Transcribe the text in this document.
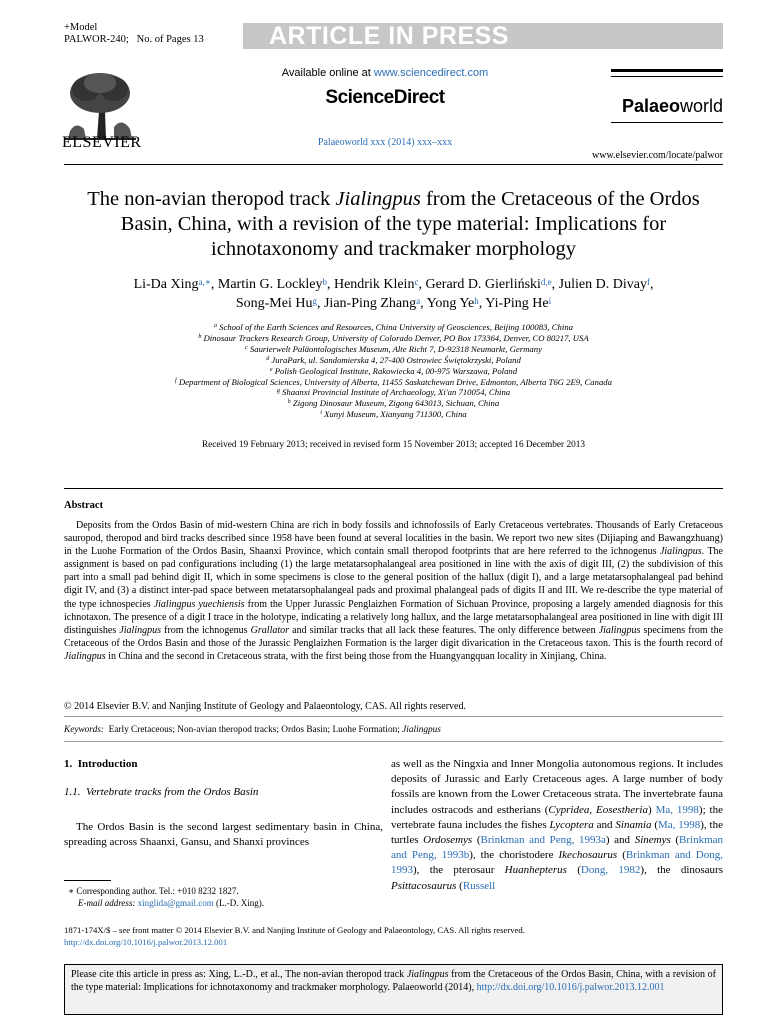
+Model
PALWOR-240; No. of Pages 13	ARTICLE IN PRESS
ELSEVIER
Available online at www.sciencedirect.com
ScienceDirect
Palaeoworld xxx (2014) xxx–xxx
Palaeoworld
www.elsevier.com/locate/palwor
The non-avian theropod track Jialingpus from the Cretaceous of the Ordos Basin, China, with a revision of the type material: Implications for ichnotaxonomy and trackmaker morphology
Li-Da Xing$^{a,∗}$, Martin G. Lockley$^b$, Hendrik Klein$^c$, Gerard D. Gierliński$^{d,e}$, Julien D. Divay$^f$,
Song-Mei Hu$^g$, Jian-Ping Zhang$^a$, Yong Ye$^h$, Yi-Ping He$^i$
$^a$ School of the Earth Sciences and Resources, China University of Geosciences, Beijing 100083, China
$^b$ Dinosaur Trackers Research Group, University of Colorado Denver, PO Box 173364, Denver, CO 80217, USA
$^c$ Saurierwelt Paläontologisches Museum, Alte Richt 7, D-92318 Neumarkt, Germany
$^d$ JuraPark, ul. Sandomierska 4, 27-400 Ostrowiec Świętokrzyski, Poland
$^e$ Polish Geological Institute, Rakowiecka 4, 00-975 Warszawa, Poland
$^f$ Department of Biological Sciences, University of Alberta, 11455 Saskatchewan Drive, Edmonton, Alberta T6G 2E9, Canada
$^g$ Shaanxi Provincial Institute of Archaeology, Xi'an 710054, China
$^h$ Zigong Dinosaur Museum, Zigong 643013, Sichuan, China
$^i$ Xunyi Museum, Xianyang 711300, China
Received 19 February 2013; received in revised form 15 November 2013; accepted 16 December 2013
Abstract
Deposits from the Ordos Basin of mid-western China are rich in body fossils and ichnofossils of Early Cretaceous vertebrates. Thousands of Early Cretaceous sauropod, theropod and bird tracks described since 1958 have been found at several localities in the basin. We report two new sites (Dijiaping and Bawangzhuang) in the Luohe Formation of the Ordos Basin, Shaanxi Province, which contain small theropod footprints that are here referred to the ichnogenus Jialingpus. The assignment is based on pad configurations including (1) the large metatarsophalangeal area positioned in line with the axis of digit III, (2) the subdivision of this part into a small pad behind digit II, which in some specimens is close to the general position of the hallux (digit I), and a large metatarsophalangeal pad behind digit IV, and (3) a distinct inter-pad space between metatarsophalangeal pads and proximal phalangeal pads of digits II and III. We re-describe the type material of the type ichnospecies Jialingpus yuechiensis from the Upper Jurassic Penglaizhen Formation of Sichuan Province, proposing a largely amended diagnosis for this ichnotaxon. The presence of a digit I trace in the holotype, indicating a relatively long hallux, and the large metatarsophalangeal area positioned in line with digit III distinguishes Jialingpus from the ichnogenus Grallator and similar tracks that all lack these features. The only difference between Jialingpus specimens from the Cretaceous of the Ordos Basin and those of the Jurassic Penglaizhen Formation is the larger digit divarication in the Cretaceous taxon. This is the fourth record of Jialingpus in China and the second in Cretaceous strata, with the first being those from the Huangyangquan locality in Xinjiang, China.
© 2014 Elsevier B.V. and Nanjing Institute of Geology and Palaeontology, CAS. All rights reserved.
Keywords:  Early Cretaceous; Non-avian theropod tracks; Ordos Basin; Luohe Formation; Jialingpus
1.  Introduction
1.1.  Vertebrate tracks from the Ordos Basin
The Ordos Basin is the second largest sedimentary basin in China, spreading across Shaanxi, Gansu, and Shanxi provinces
∗ Corresponding author. Tel.: +010 8232 1827.
E-mail address: xinglida@gmail.com (L.-D. Xing).
as well as the Ningxia and Inner Mongolia autonomous regions. It includes deposits of Jurassic and Early Cretaceous ages. A large number of body fossils are known from the Lower Cretaceous strata. The invertebrate fauna includes ostracods and estherians (Cypridea, Eosestheria) Ma, 1998); the vertebrate fauna includes the fishes Lycoptera and Sinamia (Ma, 1998), the turtles Ordosemys (Brinkman and Peng, 1993a) and Sinemys (Brinkman and Peng, 1993b), the choristodere Ikechosaurus (Brinkman and Dong, 1993), the pterosaur Huanhepterus (Dong, 1982), the dinosaurs Psittacosaurus (Russell
1871-174X/$ – see front matter © 2014 Elsevier B.V. and Nanjing Institute of Geology and Palaeontology, CAS. All rights reserved.
http://dx.doi.org/10.1016/j.palwor.2013.12.001
Please cite this article in press as: Xing, L.-D., et al., The non-avian theropod track Jialingpus from the Cretaceous of the Ordos Basin, China, with a revision of the type material: Implications for ichnotaxonomy and trackmaker morphology. Palaeoworld (2014), http://dx.doi.org/10.1016/j.palwor.2013.12.001
